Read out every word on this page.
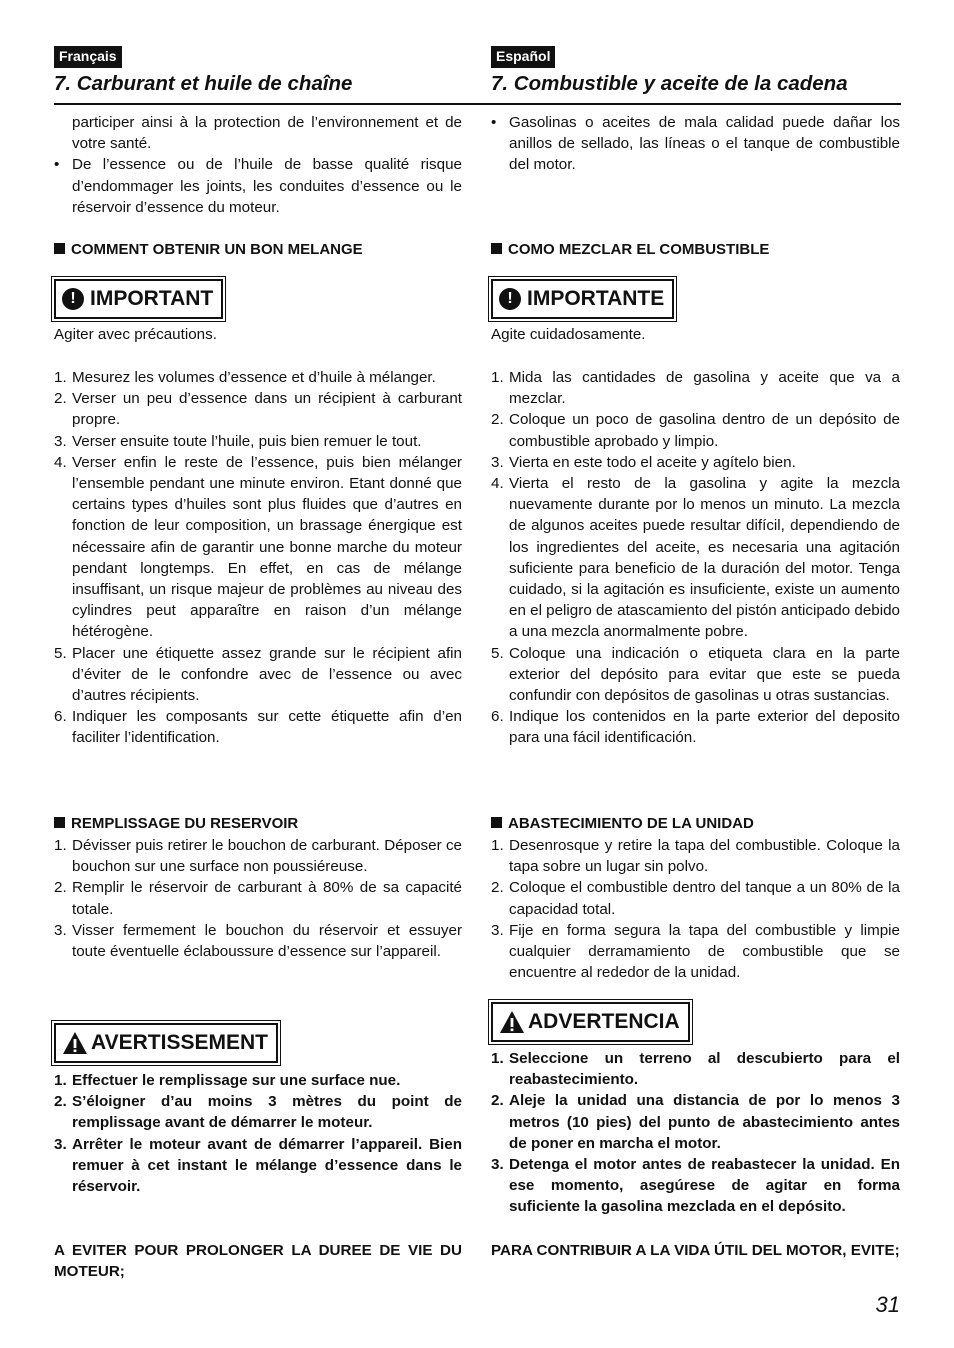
Français
7. Carburant et huile de chaîne
participer ainsi à la protection de l’environnement et de votre santé.
• De l’essence ou de l’huile de basse qualité risque d’endommager les joints, les conduites d’essence ou le réservoir d’essence du moteur.
COMMENT OBTENIR UN BON MELANGE
! IMPORTANT
Agiter avec précautions.
1. Mesurez les volumes d’essence et d’huile à mélanger.
2. Verser un peu d’essence dans un récipient à carburant propre.
3. Verser ensuite toute l’huile, puis bien remuer le tout.
4. Verser enfin le reste de l’essence, puis bien mélanger l’ensemble pendant une minute environ. Etant donné que certains types d’huiles sont plus fluides que d’autres en fonction de leur composition, un brassage énergique est nécessaire afin de garantir une bonne marche du moteur pendant longtemps. En effet, en cas de mélange insuffisant, un risque majeur de problèmes au niveau des cylindres peut apparaître en raison d’un mélange hétérogène.
5. Placer une étiquette assez grande sur le récipient afin d’éviter de le confondre avec de l’essence ou avec d’autres récipients.
6. Indiquer les composants sur cette étiquette afin d’en faciliter l’identification.
REMPLISSAGE DU RESERVOIR
1. Dévisser puis retirer le bouchon de carburant. Déposer ce bouchon sur une surface non poussiéreuse.
2. Remplir le réservoir de carburant à 80% de sa capacité totale.
3. Visser fermement le bouchon du réservoir et essuyer toute éventuelle éclaboussure d’essence sur l’appareil.
AVERTISSEMENT
1. Effectuer le remplissage sur une surface nue.
2. S’éloigner d’au moins 3 mètres du point de remplissage avant de démarrer le moteur.
3. Arrêter le moteur avant de démarrer l’appareil. Bien remuer à cet instant le mélange d’essence dans le réservoir.
A EVITER POUR PROLONGER LA DUREE DE VIE DU MOTEUR;
Español
7. Combustible y aceite de la cadena
• Gasolinas o aceites de mala calidad puede dañar los anillos de sellado, las líneas o el tanque de combustible del motor.
COMO MEZCLAR EL COMBUSTIBLE
! IMPORTANTE
Agite cuidadosamente.
1. Mida las cantidades de gasolina y aceite que va a mezclar.
2. Coloque un poco de gasolina dentro de un depósito de combustible aprobado y limpio.
3. Vierta en este todo el aceite y agítelo bien.
4. Vierta el resto de la gasolina y agite la mezcla nuevamente durante por lo menos un minuto. La mezcla de algunos aceites puede resultar difícil, dependiendo de los ingredientes del aceite, es necesaria una agitación suficiente para beneficio de la duración del motor. Tenga cuidado, si la agitación es insuficiente, existe un aumento en el peligro de atascamiento del pistón anticipado debido a una mezcla anormalmente pobre.
5. Coloque una indicación o etiqueta clara en la parte exterior del depósito para evitar que este se pueda confundir con depósitos de gasolinas u otras sustancias.
6. Indique los contenidos en la parte exterior del deposito para una fácil identificación.
ABASTECIMIENTO DE LA UNIDAD
1. Desenrosque y retire la tapa del combustible. Coloque la tapa sobre un lugar sin polvo.
2. Coloque el combustible dentro del tanque a un 80% de la capacidad total.
3. Fije en forma segura la tapa del combustible y limpie cualquier derramamiento de combustible que se encuentre al rededor de la unidad.
ADVERTENCIA
1. Seleccione un terreno al descubierto para el reabastecimiento.
2. Aleje la unidad una distancia de por lo menos 3 metros (10 pies) del punto de abastecimiento antes de poner en marcha el motor.
3. Detenga el motor antes de reabastecer la unidad. En ese momento, asegúrese de agitar en forma suficiente la gasolina mezclada en el depósito.
PARA CONTRIBUIR A LA VIDA ÚTIL DEL MOTOR, EVITE;
31
